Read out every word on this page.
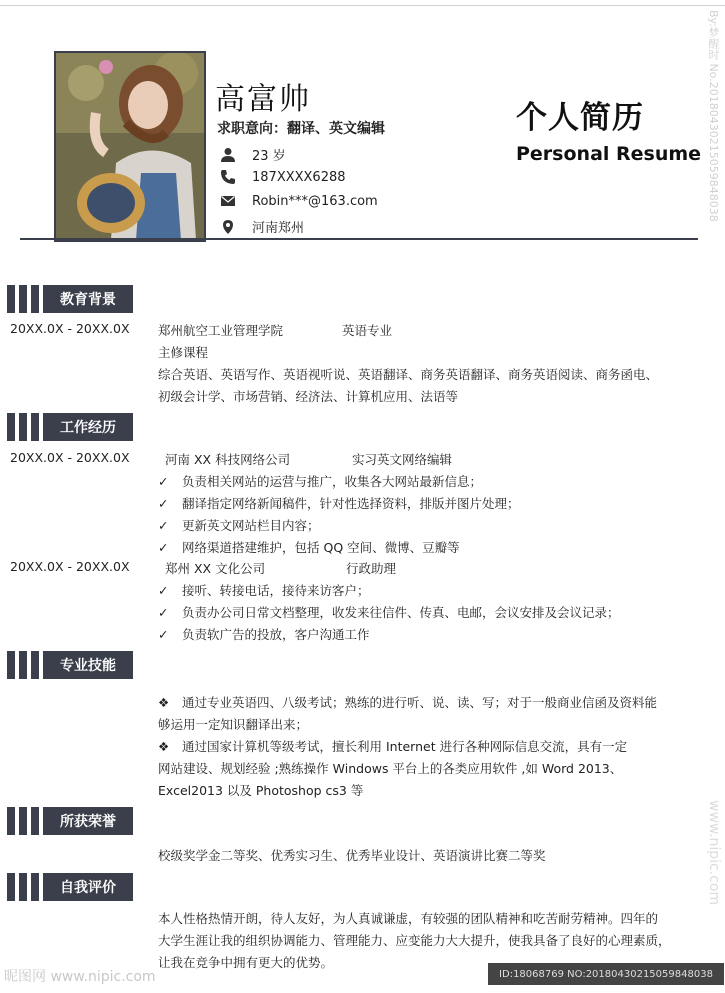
高富帅
求职意向：翻译、英文编辑
23 岁
187XXXX6288
Robin***@163.com
河南郑州
个人简历
Personal Resume
教育背景
20XX.0X - 20XX.0X 郑州航空工业管理学院	英语专业
主修课程
综合英语、英语写作、英语视听说、英语翻译、商务英语翻译、商务英语阅读、商务函电、
初级会计学、市场营销、经济法、计算机应用、法语等
工作经历
20XX.0X - 20XX.0X	河南 XX 科技网络公司	实习英文网络编辑
✓ 负责相关网站的运营与推广，收集各大网站最新信息；
✓ 翻译指定网络新闻稿件，针对性选择资料，排版并图片处理；
✓ 更新英文网站栏目内容；
✓ 网络渠道搭建维护，包括 QQ 空间、微博、豆瓣等
20XX.0X - 20XX.0X	郑州 XX 文化公司	行政助理
✓ 接听、转接电话，接待来访客户；
✓ 负责办公司日常文档整理，收发来往信件、传真、电邮，会议安排及会议记录；
✓ 负责软广告的投放，客户沟通工作
专业技能
❖ 通过专业英语四、八级考试；熟练的进行听、说、读、写；对于一般商业信函及资料能
够运用一定知识翻译出来；
❖ 通过国家计算机等级考试，擅长利用 Internet 进行各种网际信息交流，具有一定
网站建设、规划经验 ;熟练操作 Windows 平台上的各类应用软件 ,如 Word 2013、
Excel2013 以及 Photoshop cs3 等
所获荣誉
校级奖学金二等奖、优秀实习生、优秀毕业设计、英语演讲比赛二等奖
自我评价
本人性格热情开朗，待人友好，为人真诚谦虚，有较强的团队精神和吃苦耐劳精神。四年的
大学生涯让我的组织协调能力、管理能力、应变能力大大提升，使我具备了良好的心理素质，
让我在竞争中拥有更大的优势。
By:梦醒时 No.20180430215059848038
www.nipic.com
昵图网 www.nipic.com	ID:18068769 NO:20180430215059848038
